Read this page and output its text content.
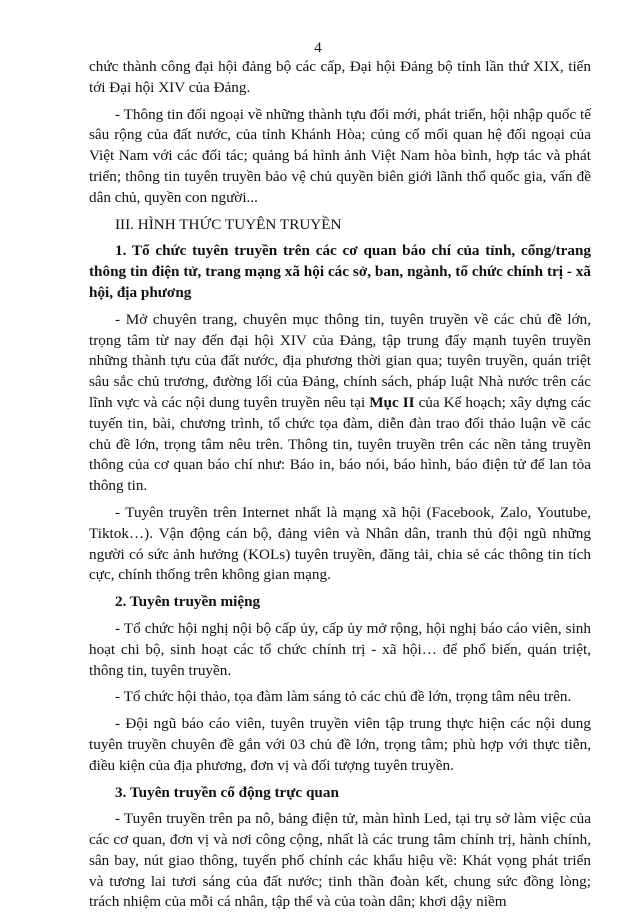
4

chức thành công đại hội đảng bộ các cấp, Đại hội Đảng bộ tỉnh lần thứ XIX, tiến tới Đại hội XIV của Đảng.

- Thông tin đối ngoại về những thành tựu đổi mới, phát triển, hội nhập quốc tế sâu rộng của đất nước, của tỉnh Khánh Hòa; củng cố mối quan hệ đối ngoại của Việt Nam với các đối tác; quảng bá hình ảnh Việt Nam hòa bình, hợp tác và phát triển; thông tin tuyên truyền bảo vệ chủ quyền biên giới lãnh thổ quốc gia, vấn đề dân chủ, quyền con người...

III. HÌNH THỨC TUYÊN TRUYỀN

1. Tổ chức tuyên truyền trên các cơ quan báo chí của tỉnh, cổng/trang thông tin điện tử, trang mạng xã hội các sở, ban, ngành, tổ chức chính trị - xã hội, địa phương

- Mở chuyên trang, chuyên mục thông tin, tuyên truyền về các chủ đề lớn, trọng tâm từ nay đến đại hội XIV của Đảng, tập trung đẩy mạnh tuyên truyền những thành tựu của đất nước, địa phương thời gian qua; tuyên truyền, quán triệt sâu sắc chủ trương, đường lối của Đảng, chính sách, pháp luật Nhà nước trên các lĩnh vực và các nội dung tuyên truyền nêu tại Mục II của Kế hoạch; xây dựng các tuyến tin, bài, chương trình, tổ chức tọa đàm, diễn đàn trao đổi thảo luận về các chủ đề lớn, trọng tâm nêu trên. Thông tin, tuyên truyền trên các nền tảng truyền thông của cơ quan báo chí như: Báo in, báo nói, báo hình, báo điện tử để lan tỏa thông tin.

- Tuyên truyền trên Internet nhất là mạng xã hội (Facebook, Zalo, Youtube, Tiktok…). Vận động cán bộ, đảng viên và Nhân dân, tranh thủ đội ngũ những người có sức ảnh hưởng (KOLs) tuyên truyền, đăng tải, chia sẻ các thông tin tích cực, chính thống trên không gian mạng.

2. Tuyên truyền miệng

- Tổ chức hội nghị nội bộ cấp ủy, cấp ủy mở rộng, hội nghị báo cáo viên, sinh hoạt chi bộ, sinh hoạt các tổ chức chính trị - xã hội… để phổ biến, quán triệt, thông tin, tuyên truyền.

- Tổ chức hội thảo, tọa đàm làm sáng tỏ các chủ đề lớn, trọng tâm nêu trên.

- Đội ngũ báo cáo viên, tuyên truyền viên tập trung thực hiện các nội dung tuyên truyền chuyên đề gắn với 03 chủ đề lớn, trọng tâm; phù hợp với thực tiễn, điều kiện của địa phương, đơn vị và đối tượng tuyên truyền.

3. Tuyên truyền cổ động trực quan

- Tuyên truyền trên pa nô, bảng điện tử, màn hình Led, tại trụ sở làm việc của các cơ quan, đơn vị và nơi công cộng, nhất là các trung tâm chính trị, hành chính, sân bay, nút giao thông, tuyến phố chính các khẩu hiệu về: Khát vọng phát triển và tương lai tươi sáng của đất nước; tinh thần đoàn kết, chung sức đồng lòng; trách nhiệm của mỗi cá nhân, tập thể và của toàn dân; khơi dậy niềm
